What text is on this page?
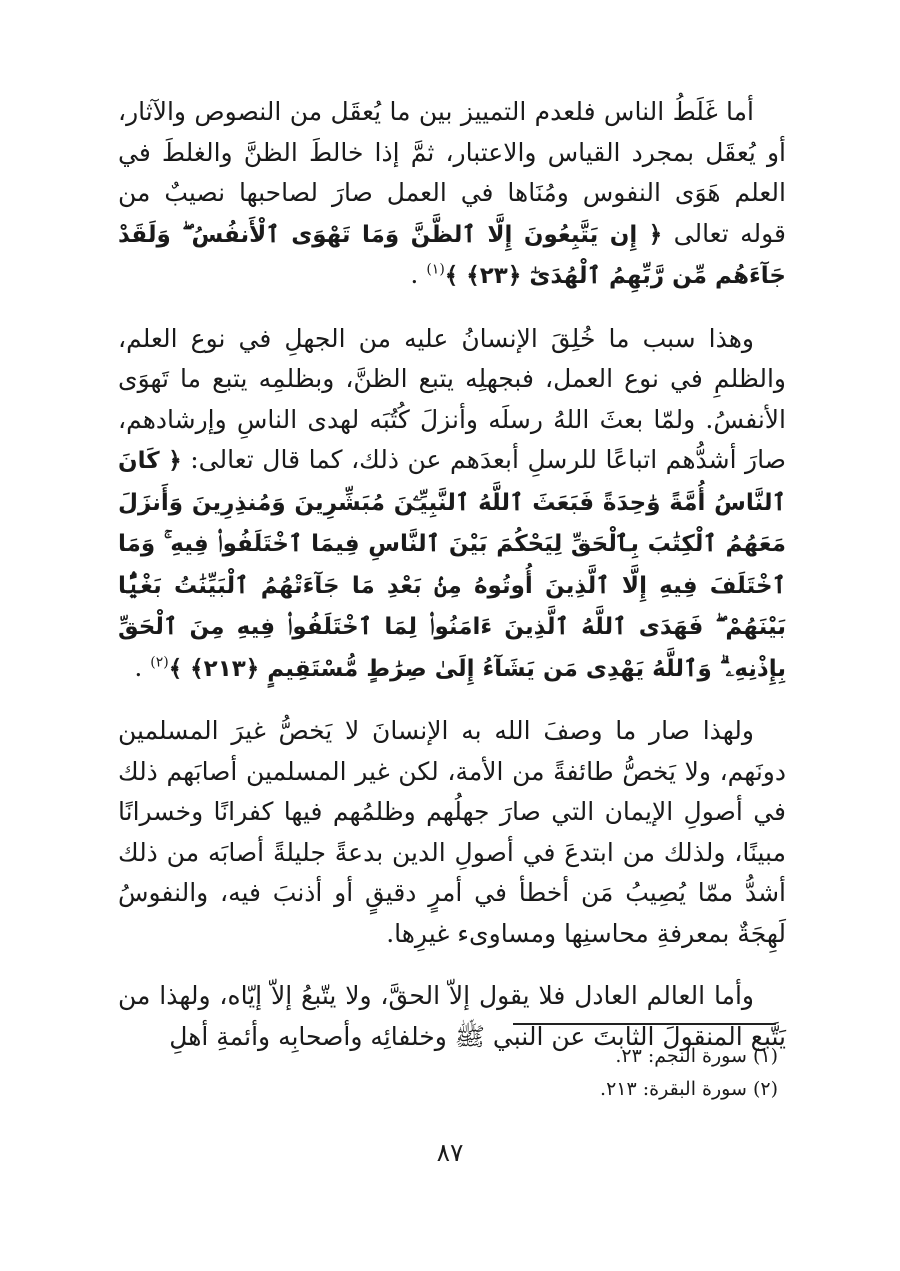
أما غَلَطُ الناس فلعدم التمييز بين ما يُعقَل من النصوص والآثار، أو يُعقَل بمجرد القياس والاعتبار، ثمَّ إذا خالطَ الظنَّ والغلطَ في العلم هَوَى النفوس ومُنَاها في العمل صارَ لصاحبها نصيبٌ من قوله تعالى ﴿ إِن يَتَّبِعُونَ إِلَّا ٱلظَّنَّ وَمَا تَهْوَى ٱلْأَنفُسُ ۖ وَلَقَدْ جَآءَهُم مِّن رَّبِّهِمُ ٱلْهُدَىٰٓ ﴿٢٣﴾ ﴾$^{(١)}$ .

وهذا سبب ما خُلِقَ الإنسانُ عليه من الجهلِ في نوع العلم، والظلمِ في نوع العمل، فبجهلِه يتبع الظنَّ، وبظلمِه يتبع ما تَهوَى الأنفسُ. ولمّا بعثَ اللهُ رسلَه وأنزلَ كُتُبَه لهدى الناسِ وإرشادهم، صارَ أشدُّهم اتباعًا للرسلِ أبعدَهم عن ذلك، كما قال تعالى: ﴿ كَانَ ٱلنَّاسُ أُمَّةً وَٰحِدَةً فَبَعَثَ ٱللَّهُ ٱلنَّبِيِّـۧنَ مُبَشِّرِينَ وَمُنذِرِينَ وَأَنزَلَ مَعَهُمُ ٱلْكِتَٰبَ بِٱلْحَقِّ لِيَحْكُمَ بَيْنَ ٱلنَّاسِ فِيمَا ٱخْتَلَفُوا۟ فِيهِ ۚ وَمَا ٱخْتَلَفَ فِيهِ إِلَّا ٱلَّذِينَ أُوتُوهُ مِنۢ بَعْدِ مَا جَآءَتْهُمُ ٱلْبَيِّنَٰتُ بَغْيًۢا بَيْنَهُمْ ۖ فَهَدَى ٱللَّهُ ٱلَّذِينَ ءَامَنُوا۟ لِمَا ٱخْتَلَفُوا۟ فِيهِ مِنَ ٱلْحَقِّ بِإِذْنِهِۦ ۗ وَٱللَّهُ يَهْدِى مَن يَشَآءُ إِلَىٰ صِرَٰطٍ مُّسْتَقِيمٍ ﴿٢١٣﴾ ﴾$^{(٢)}$ .

ولهذا صار ما وصفَ الله به الإنسانَ لا يَخصُّ غيرَ المسلمين دونَهم، ولا يَخصُّ طائفةً من الأمة، لكن غير المسلمين أصابَهم ذلك في أصولِ الإيمان التي صارَ جهلُهم وظلمُهم فيها كفرانًا وخسرانًا مبينًا، ولذلك من ابتدعَ في أصولِ الدين بدعةً جليلةً أصابَه من ذلك أشدُّ ممّا يُصِيبُ مَن أخطأ في أمرٍ دقيقٍ أو أذنبَ فيه، والنفوسُ لَهِجَةٌ بمعرفةِ محاسنِها ومساوىء غيرِها.

وأما العالم العادل فلا يقول إلاّ الحقَّ، ولا يتّبعُ إلاّ إيّاه، ولهذا من يَتَّبع المنقولَ الثابتَ عن النبي ﷺ وخلفائِه وأصحابِه وأئمةِ أهلِ

(١) سورة النجم: ٢٣.

(٢) سورة البقرة: ٢١٣.

٨٧
